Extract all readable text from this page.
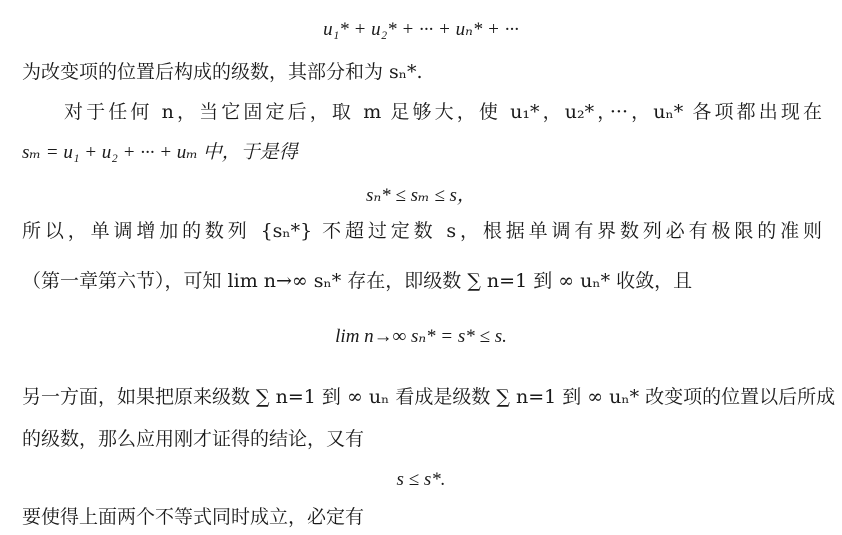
u₁* + u₂* + ··· + uₙ* + ···
为改变项的位置后构成的级数，其部分和为 sₙ*.
对于任何 n，当它固定后，取 m 足够大，使 u₁*，u₂*，···，uₙ* 各项都出现在
sₘ = u₁ + u₂ + ··· + uₘ 中，于是得
sₙ* ≤ sₘ ≤ s，
所以，单调增加的数列 {sₙ*} 不超过定数 s，根据单调有界数列必有极限的准则
（第一章第六节），可知 lim n→∞ sₙ* 存在，即级数 ∑ n=1 到 ∞ uₙ* 收敛，且
lim n→∞ sₙ* = s* ≤ s.
另一方面，如果把原来级数 ∑ n=1 到 ∞ uₙ 看成是级数 ∑ n=1 到 ∞ uₙ* 改变项的位置以后所成
的级数，那么应用刚才证得的结论，又有
s ≤ s*.
要使得上面两个不等式同时成立，必定有
